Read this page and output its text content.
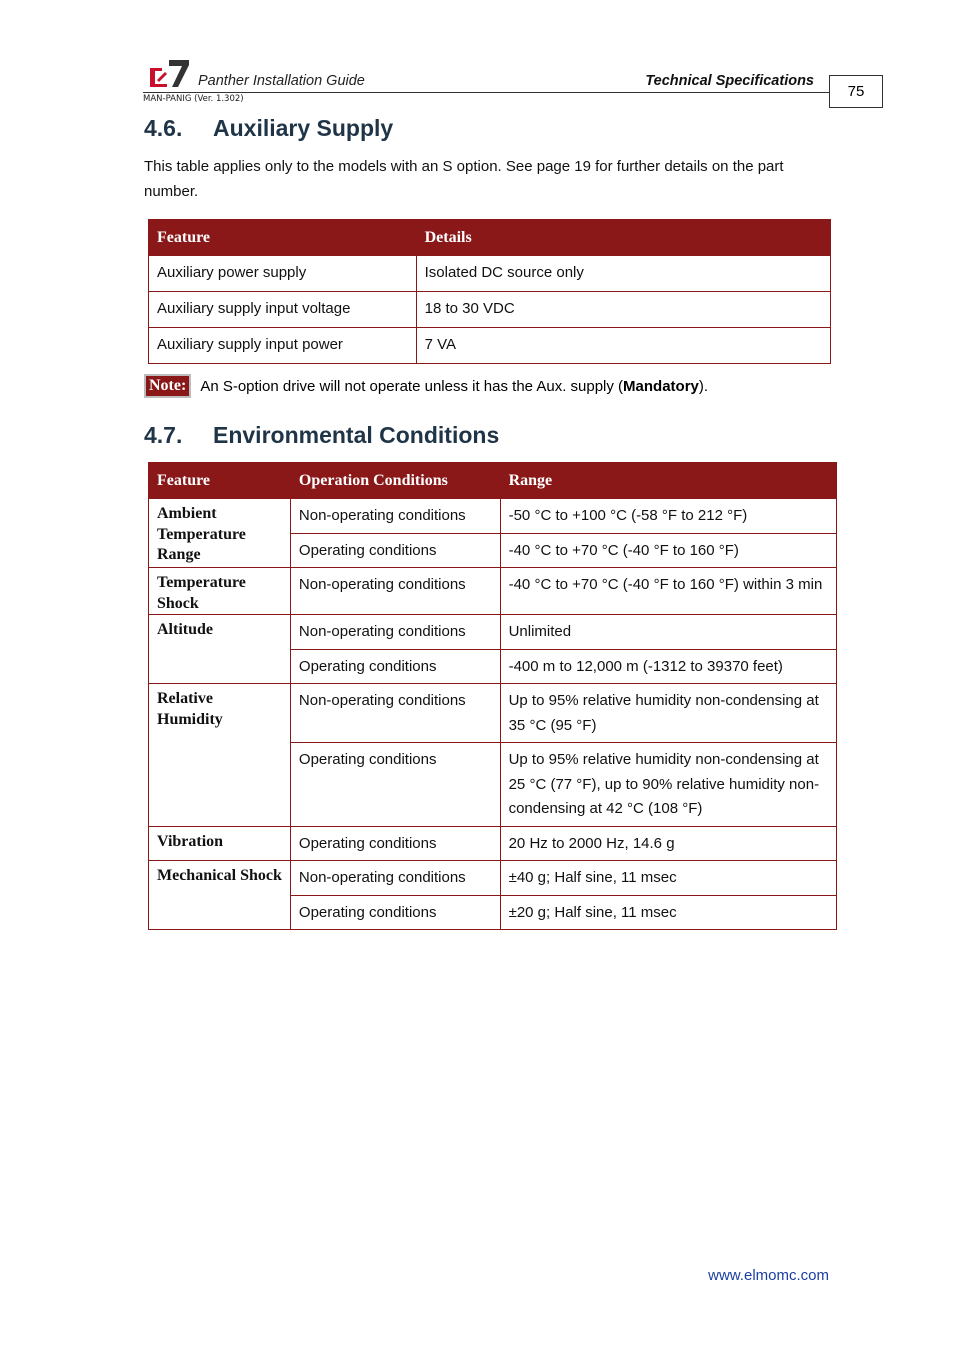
Panther Installation Guide	Technical Specifications
MAN-PANIG (Ver. 1.302)	75
4.6. Auxiliary Supply
This table applies only to the models with an S option. See page 19 for further details on the part number.
Feature	Details
Auxiliary power supply	Isolated DC source only
Auxiliary supply input voltage	18 to 30 VDC
Auxiliary supply input power	7 VA
Note: An S-option drive will not operate unless it has the Aux. supply (Mandatory).
4.7. Environmental Conditions
Feature	Operation Conditions	Range
Ambient Temperature Range	Non-operating conditions	-50 °C to +100 °C (-58 °F to 212 °F)
	Operating conditions	-40 °C to +70 °C (-40 °F to 160 °F)
Temperature Shock	Non-operating conditions	-40 °C to +70 °C (-40 °F to 160 °F) within 3 min
Altitude	Non-operating conditions	Unlimited
	Operating conditions	-400 m to 12,000 m (-1312 to 39370 feet)
Relative Humidity	Non-operating conditions	Up to 95% relative humidity non-condensing at 35 °C (95 °F)
	Operating conditions	Up to 95% relative humidity non-condensing at 25 °C (77 °F), up to 90% relative humidity non-condensing at 42 °C (108 °F)
Vibration	Operating conditions	20 Hz to 2000 Hz, 14.6 g
Mechanical Shock	Non-operating conditions	±40 g; Half sine, 11 msec
	Operating conditions	±20 g; Half sine, 11 msec
www.elmomc.com
